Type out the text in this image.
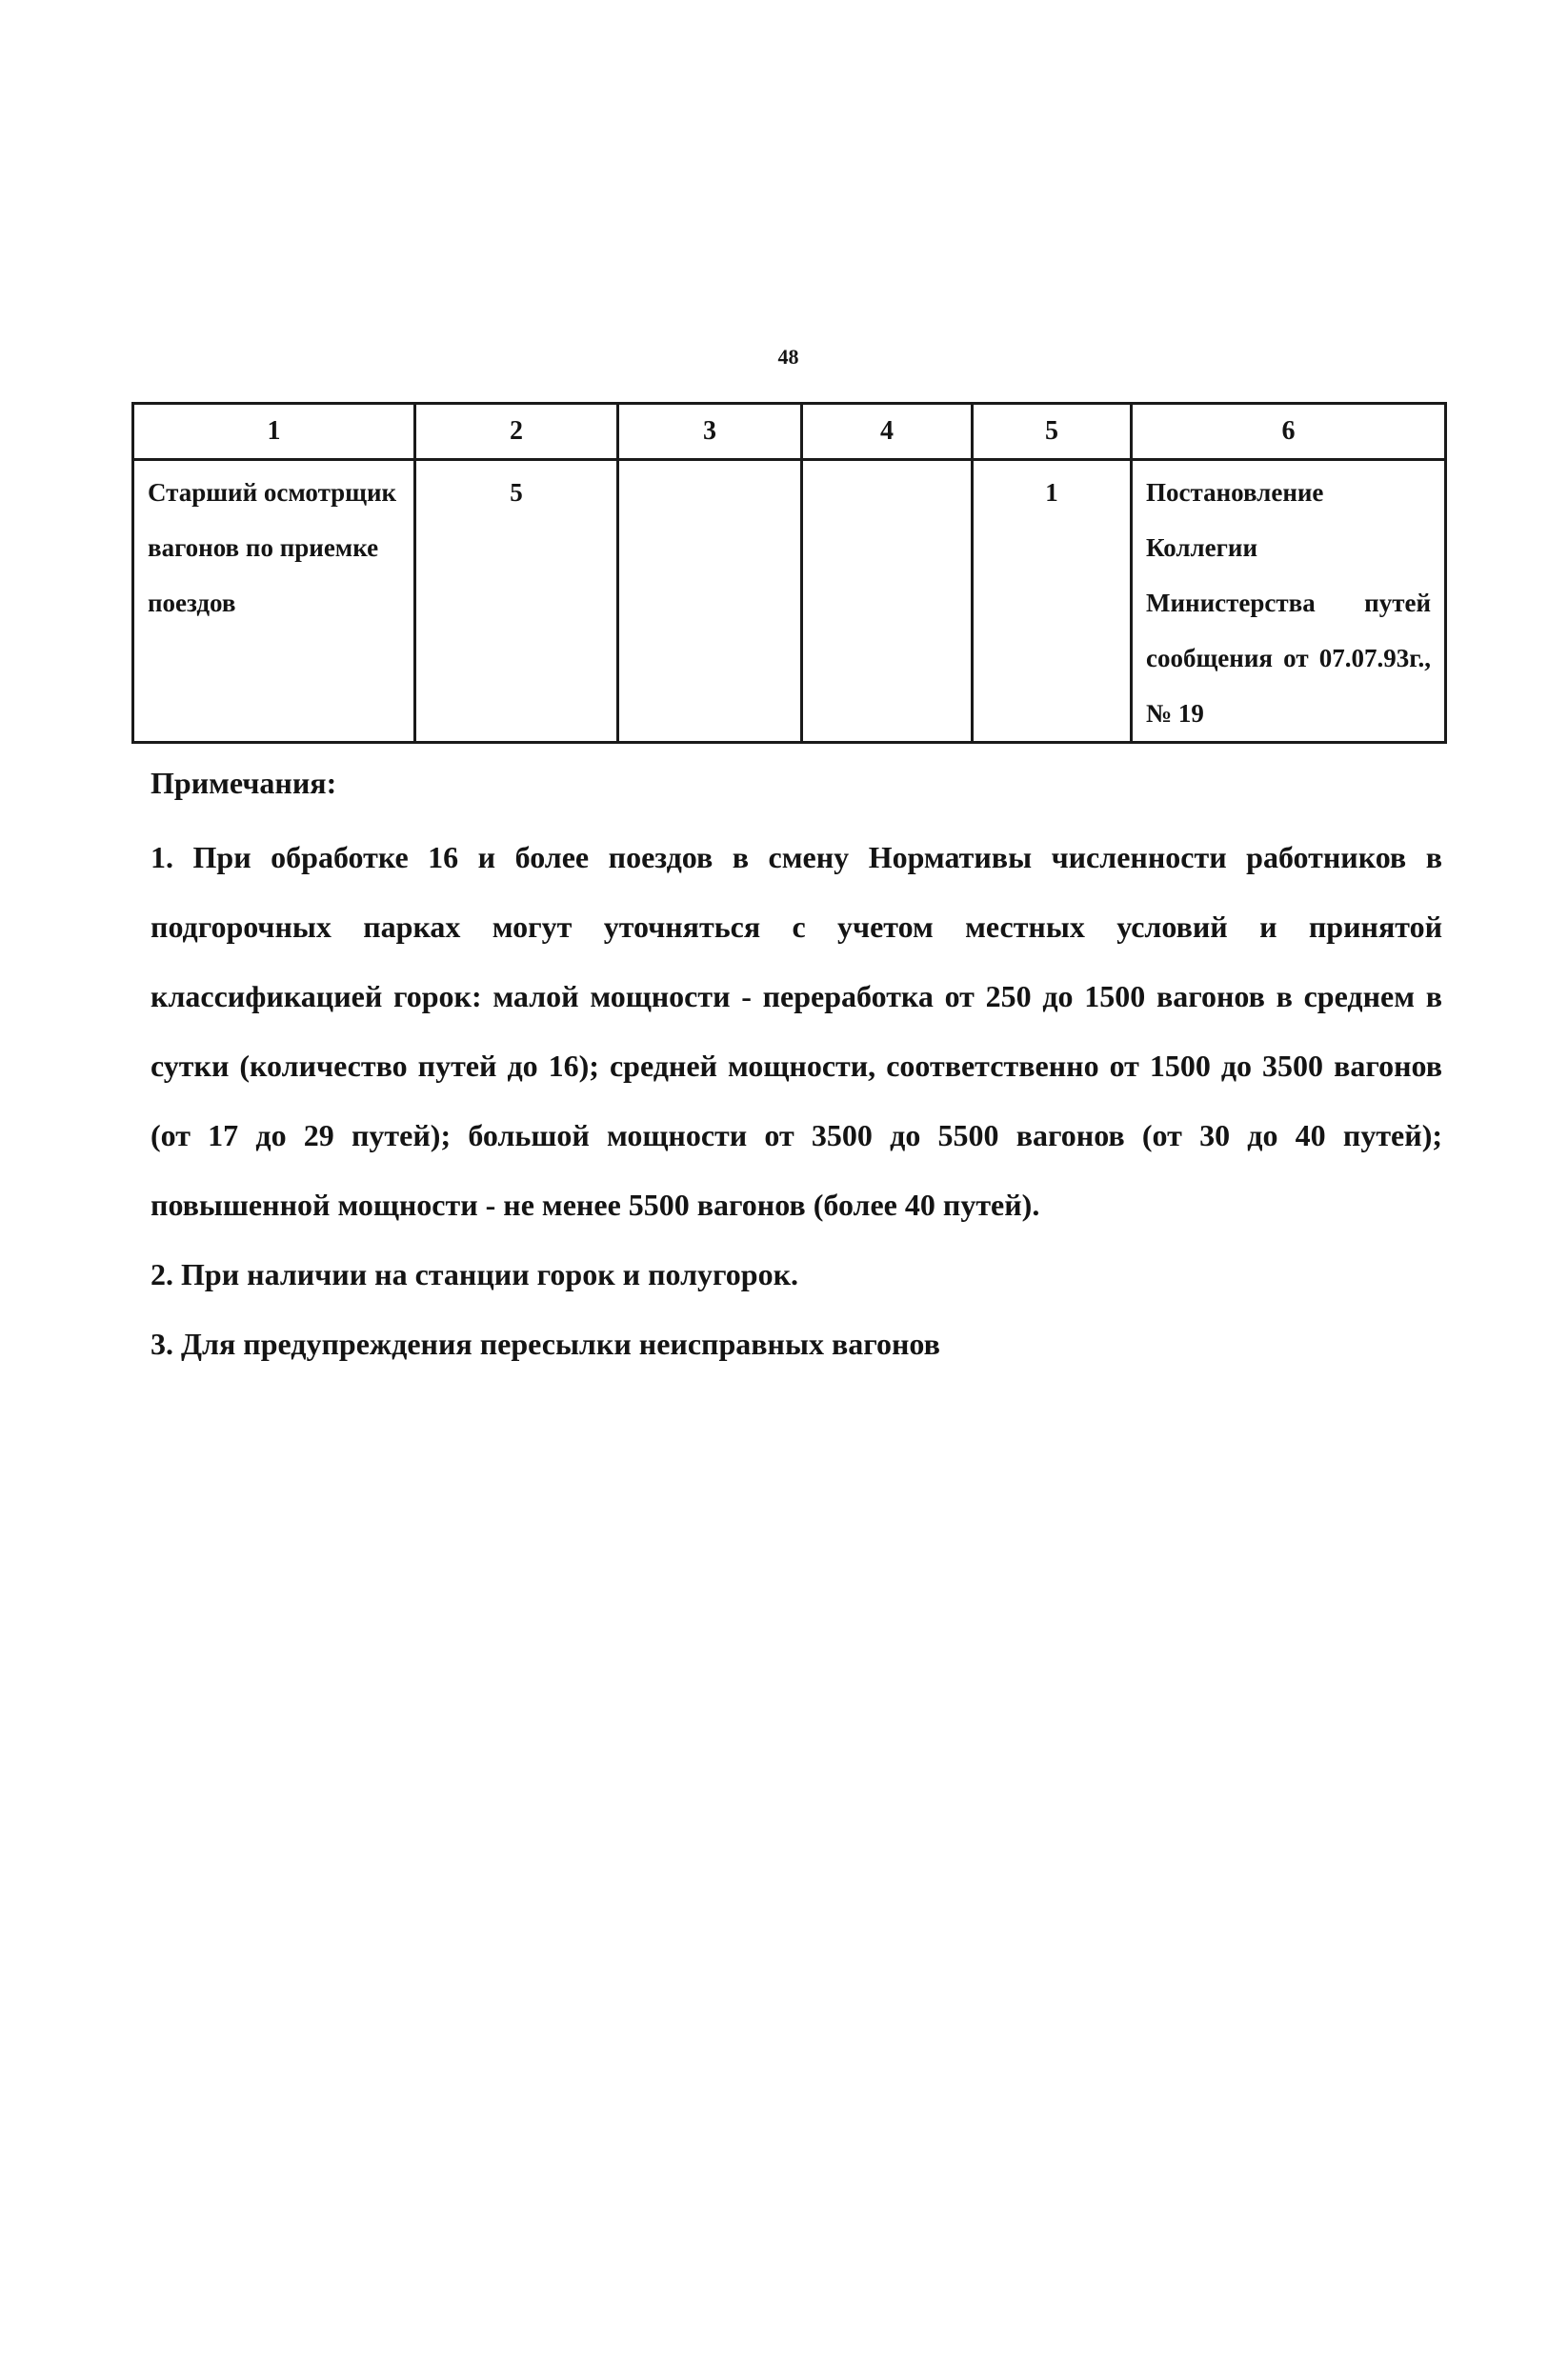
48
1	2	3	4	5	6
Старший осмотрщик вагонов по приемке поездов	5			1	Постановление Коллегии Министерства путей сообщения от 07.07.93г., № 19

Примечания:

1. При обработке 16 и более поездов в смену Нормативы численности работников в подгорочных парках могут уточняться с учетом местных условий и принятой классификацией горок: малой мощности - переработка от 250 до 1500 вагонов в среднем в сутки (количество путей до 16); средней мощности, соответственно от 1500 до 3500 вагонов (от 17 до 29 путей); большой мощности от 3500 до 5500 вагонов (от 30 до 40 путей); повышенной мощности - не менее 5500 вагонов (более 40 путей).

2. При наличии на станции горок и полугорок.

3. Для предупреждения пересылки неисправных вагонов
